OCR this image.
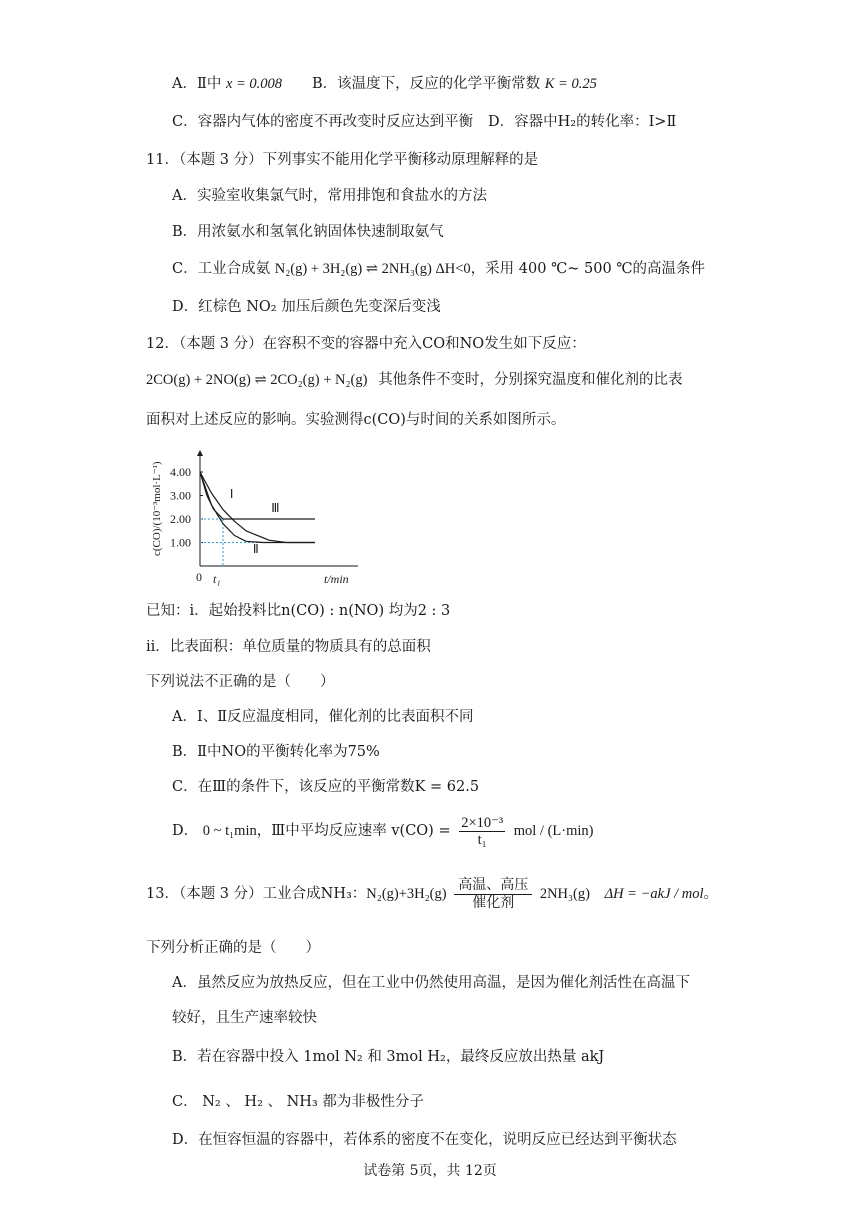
A．Ⅱ中 x = 0.008 B．该温度下，反应的化学平衡常数 K = 0.25
C．容器内气体的密度不再改变时反应达到平衡 D．容器中H₂的转化率：Ⅰ>Ⅱ
11．（本题 3 分）下列事实不能用化学平衡移动原理解释的是
A．实验室收集氯气时，常用排饱和食盐水的方法
B．用浓氨水和氢氧化钠固体快速制取氨气
C．工业合成氨 N₂(g) + 3H₂(g) ⇌ 2NH₃(g) ΔH<0，采用 400 ℃~ 500 ℃的高温条件
D．红棕色 NO₂ 加压后颜色先变深后变浅
12．（本题 3 分）在容积不变的容器中充入CO和NO发生如下反应：
2CO(g) + 2NO(g) ⇌ 2CO₂(g) + N₂(g) 其他条件不变时，分别探究温度和催化剂的比表
面积对上述反应的影响。实验测得c(CO)与时间的关系如图所示。
4.00
3.00
2.00
1.00
c(CO)/(10⁻³mol·L⁻¹)
0 t₁	t/min
Ⅰ
Ⅱ
Ⅲ
已知：i．起始投料比n(CO) : n(NO) 均为2 : 3
ii．比表面积：单位质量的物质具有的总面积
下列说法不正确的是（　　）
A．Ⅰ、Ⅱ反应温度相同，催化剂的比表面积不同
B．Ⅱ中NO的平衡转化率为75%
C．在Ⅲ的条件下，该反应的平衡常数K = 62.5
D． 0 ~ t₁min，Ⅲ中平均反应速率 $v(CO) = \frac{\text{2×10⁻³}}{\text{t₁}}$ mol / (L·min)
13．（本题 3 分）工业合成NH₃：N₂(g)+3H₂(g)
高温、高压
催化剂
2NH₃(g) ΔH = −akJ / mol。
下列分析正确的是（　　）
A．虽然反应为放热反应，但在工业中仍然使用高温，是因为催化剂活性在高温下
较好，且生产速率较快
B．若在容器中投入 1mol N₂ 和 3mol H₂，最终反应放出热量 akJ
C． N₂ 、 H₂ 、 NH₃ 都为非极性分子
D．在恒容恒温的容器中，若体系的密度不在变化，说明反应已经达到平衡状态
试卷第 5页，共 12页
